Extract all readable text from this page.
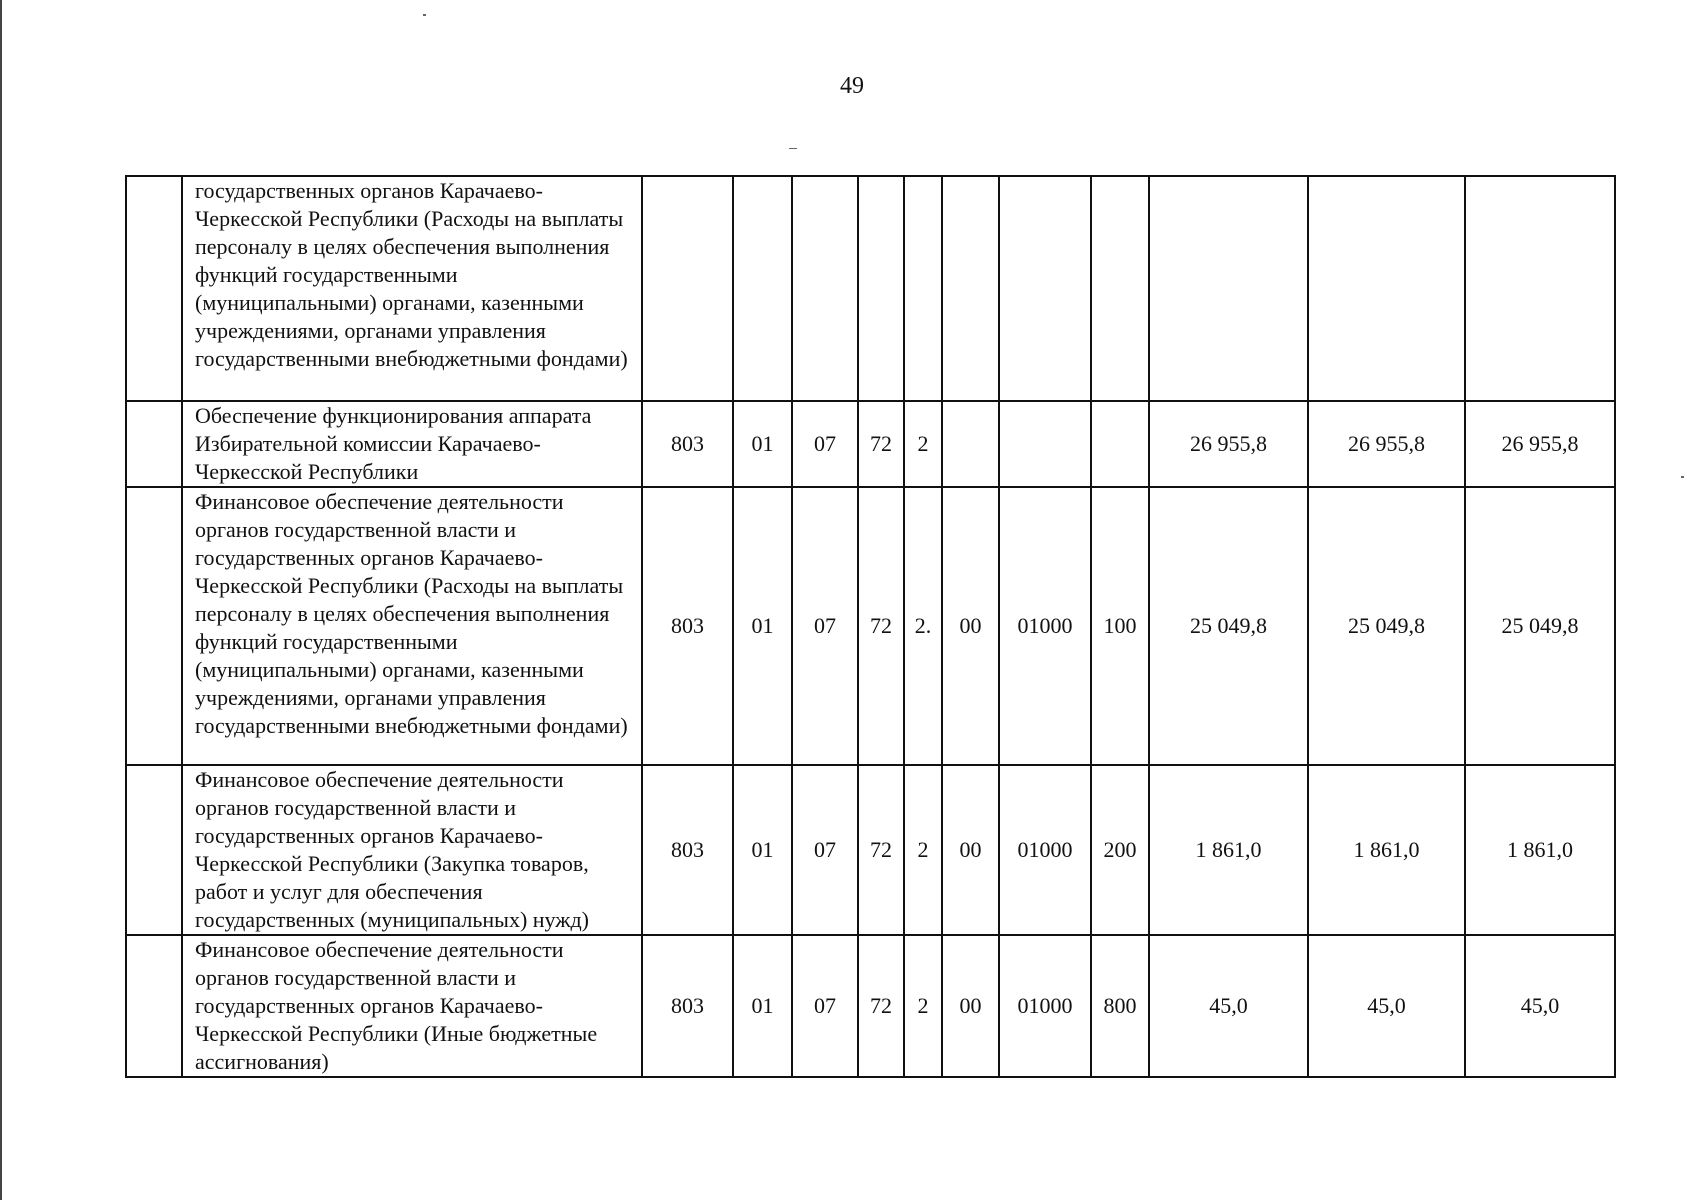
49
	государственных органов Карачаево-Черкесской Республики (Расходы на выплаты персоналу в целях обеспечения выполнения функций государственными (муниципальными) органами, казенными учреждениями, органами управления государственными внебюджетными фондами)											
	Обеспечение функционирования аппарата Избирательной комиссии Карачаево-Черкесской Республики	803	01	07	72	2				26 955,8	26 955,8	26 955,8
	Финансовое обеспечение деятельности органов государственной власти и государственных органов Карачаево-Черкесской Республики (Расходы на выплаты персоналу в целях обеспечения выполнения функций государственными (муниципальными) органами, казенными учреждениями, органами управления государственными внебюджетными фондами)	803	01	07	72	2.	00	01000	100	25 049,8	25 049,8	25 049,8
	Финансовое обеспечение деятельности органов государственной власти и государственных органов Карачаево-Черкесской Республики (Закупка товаров, работ и услуг для обеспечения государственных (муниципальных) нужд)	803	01	07	72	2	00	01000	200	1 861,0	1 861,0	1 861,0
	Финансовое обеспечение деятельности органов государственной власти и государственных органов Карачаево-Черкесской Республики (Иные бюджетные ассигнования)	803	01	07	72	2	00	01000	800	45,0	45,0	45,0
